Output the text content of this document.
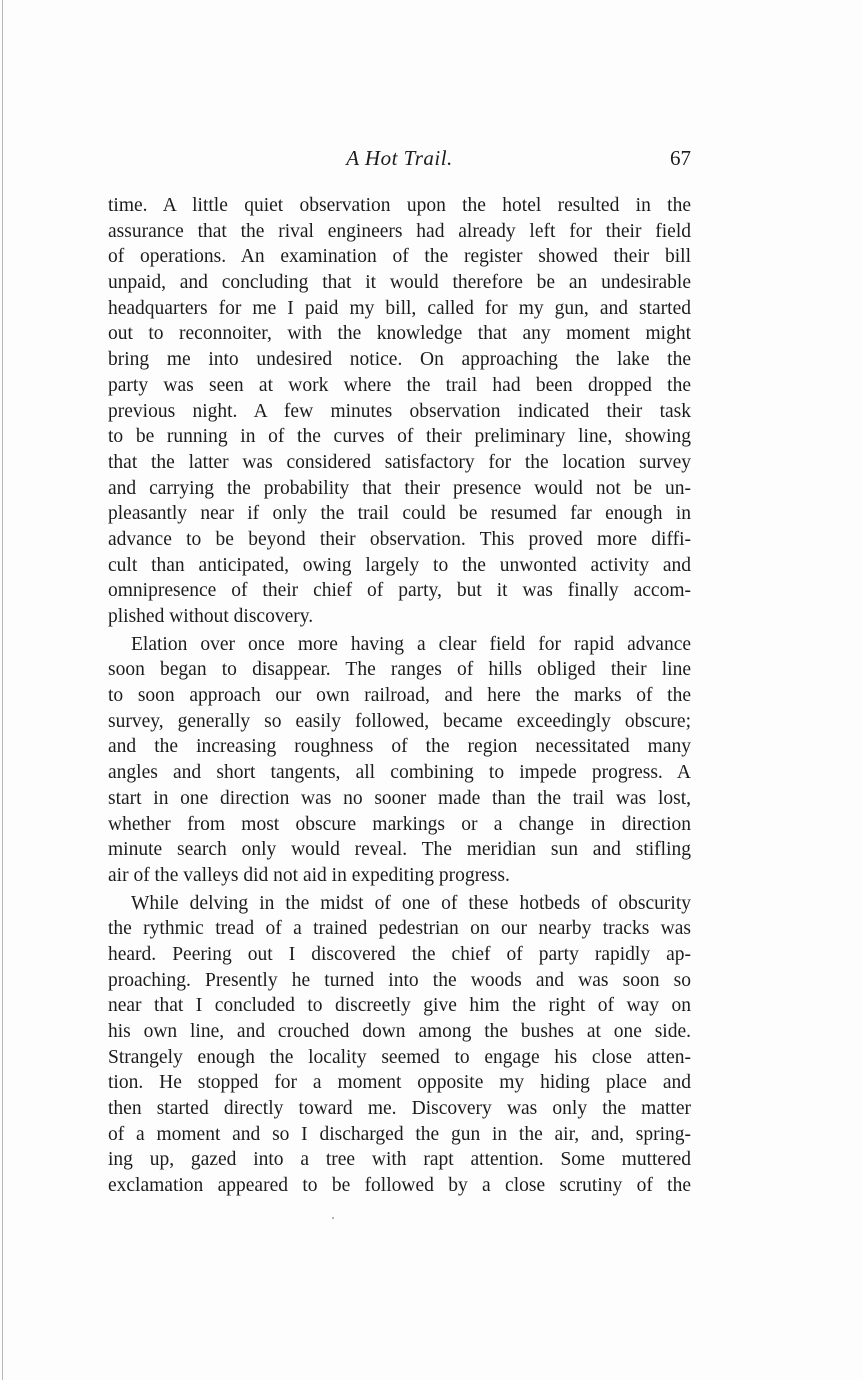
A Hot Trail.	67
time. A little quiet observation upon the hotel resulted in the
assurance that the rival engineers had already left for their field
of operations. An examination of the register showed their bill
unpaid, and concluding that it would therefore be an undesirable
headquarters for me I paid my bill, called for my gun, and started
out to reconnoiter, with the knowledge that any moment might
bring me into undesired notice. On approaching the lake the
party was seen at work where the trail had been dropped the
previous night. A few minutes observation indicated their task
to be running in of the curves of their preliminary line, showing
that the latter was considered satisfactory for the location survey
and carrying the probability that their presence would not be un-
pleasantly near if only the trail could be resumed far enough in
advance to be beyond their observation. This proved more diffi-
cult than anticipated, owing largely to the unwonted activity and
omnipresence of their chief of party, but it was finally accom-
plished without discovery.
Elation over once more having a clear field for rapid advance
soon began to disappear. The ranges of hills obliged their line
to soon approach our own railroad, and here the marks of the
survey, generally so easily followed, became exceedingly obscure;
and the increasing roughness of the region necessitated many
angles and short tangents, all combining to impede progress. A
start in one direction was no sooner made than the trail was lost,
whether from most obscure markings or a change in direction
minute search only would reveal. The meridian sun and stifling
air of the valleys did not aid in expediting progress.
While delving in the midst of one of these hotbeds of obscurity
the rythmic tread of a trained pedestrian on our nearby tracks was
heard. Peering out I discovered the chief of party rapidly ap-
proaching. Presently he turned into the woods and was soon so
near that I concluded to discreetly give him the right of way on
his own line, and crouched down among the bushes at one side.
Strangely enough the locality seemed to engage his close atten-
tion. He stopped for a moment opposite my hiding place and
then started directly toward me. Discovery was only the matter
of a moment and so I discharged the gun in the air, and, spring-
ing up, gazed into a tree with rapt attention. Some muttered
exclamation appeared to be followed by a close scrutiny of the
